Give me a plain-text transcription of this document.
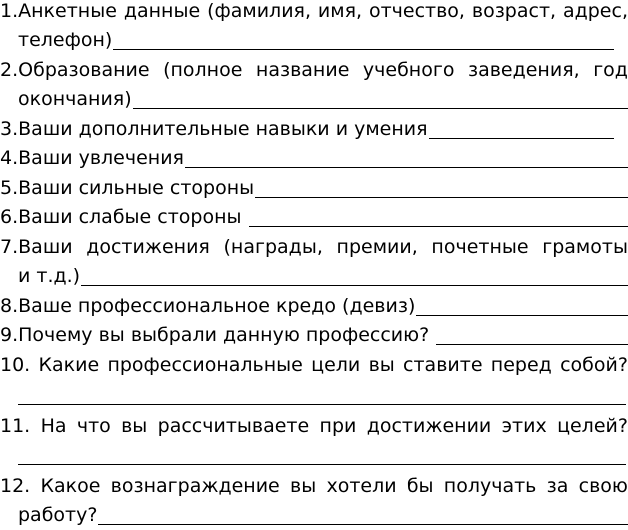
1.Анкетные данные (фамилия, имя, отчество, возраст, адрес,
телефон)
2.Образование (полное название учебного заведения, год
окончания)
3. Ваши дополнительные навыки и умения
4. Ваши увлечения
5. Ваши сильные стороны
6. Ваши слабые стороны
7.Ваши достижения (награды, премии, почетные грамоты
и т.д.)
8. Ваше профессиональное кредо (девиз)
9. Почему вы выбрали данную профессию?
10. Какие профессиональные цели вы ставите перед собой?
11. На что вы рассчитываете при достижении этих целей?
12. Какое вознаграждение вы хотели бы получать за свою
работу?
